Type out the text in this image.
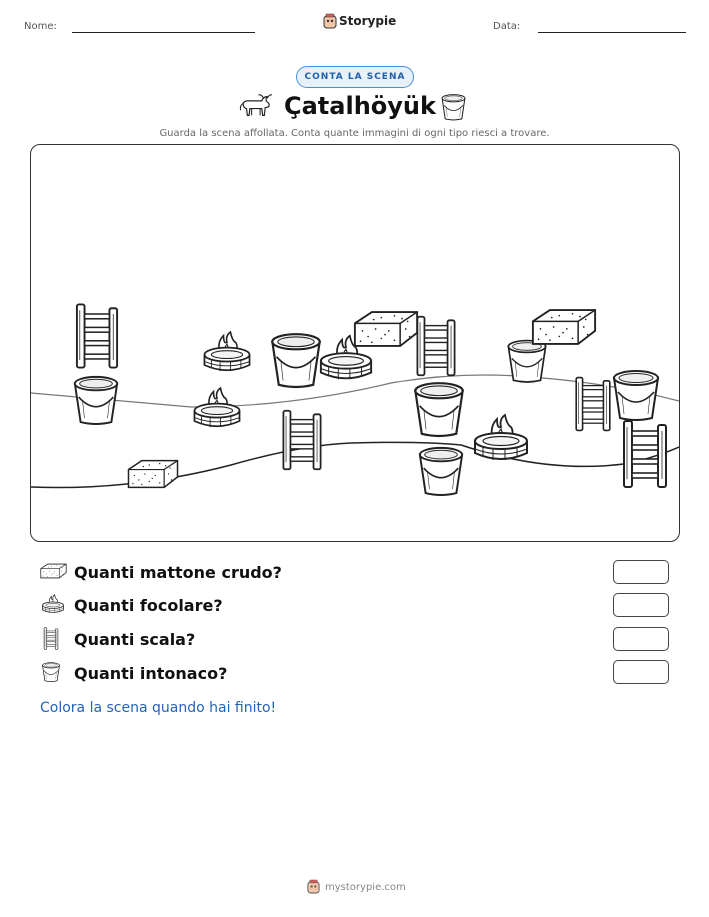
Nome:	Storypie	Data:
CONTA LA SCENA
Çatalhöyük
Guarda la scena affollata. Conta quante immagini di ogni tipo riesci a trovare.
Quanti mattone crudo?
Quanti focolare?
Quanti scala?
Quanti intonaco?
Colora la scena quando hai finito!
mystorypie.com
